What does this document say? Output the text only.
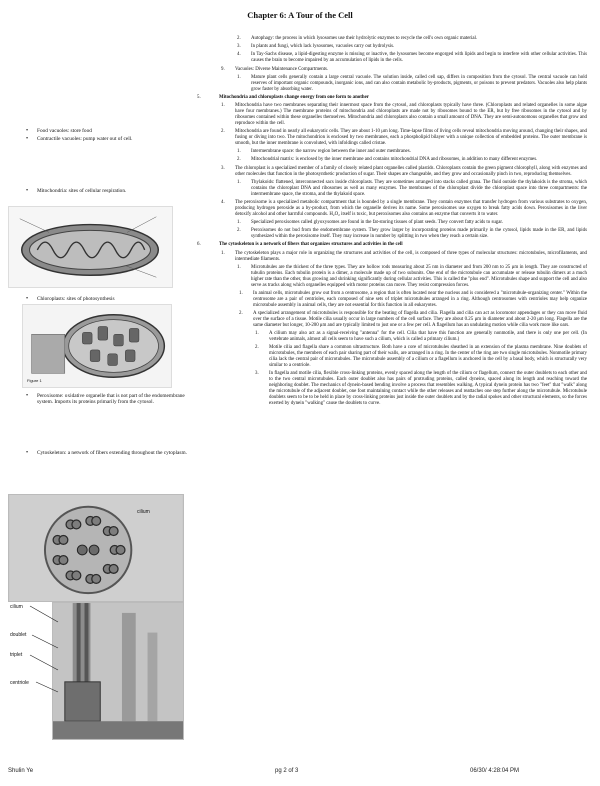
Chapter 6: A Tour of the Cell
• Food vacuoles: store food
• Contractile vacuoles: pump water out of cell.
• Mitochondria: sites of cellular respiration.
• Chloroplasts: sites of photosynthesis
• Peroxisome: oxidative organelle that is not part of the endomembrane system. Imports its proteins primarily from the cytosol.
• Cytoskeleton: a network of fibers extending throughout the cytoplasm.
Figure 1
cilium
cilium
doublet
triplet
centriole
2. Autophagy: the process in which lysosomes use their hydrolytic enzymes to recycle the cell's own organic material.
3. In plants and fungi, which lack lysosomes, vacuoles carry out hydrolysis.
4. In Tay-Sachs disease, a lipid-digesting enzyme is missing or inactive, the lysosomes become engorged with lipids and begin to interfere with other cellular activities. This causes the brain to become impaired by an accumulation of lipids in the cells.
9. Vacuoles: Diverse Maintenance Compartments.
1. Mature plant cells generally contain a large central vacuole. The solution inside, called cell sap, differs in composition from the cytosol. The central vacuole can hold reserves of important organic compounds, inorganic ions, and can also contain metabolic by-products, pigments, or poisons to prevent predators. Vacuoles also help plants grow faster by absorbing water.
5.	Mitochondria and chloroplasts change energy from one form to another
1. Mitochondria have two membranes separating their innermost space from the cytosol, and chloroplasts typically have three. (Chloroplasts and related organelles in some algae have four membranes.) The membrane proteins of mitochondria and chloroplasts are made not by ribosomes bound to the ER, but by free ribosomes in the cytosol and by ribosomes contained within these organelles themselves. Mitochondria and chloroplasts also contain a small amount of DNA. They are semi-autonomous organelles that grow and reproduce within the cell.
2. Mitochondria are found in nearly all eukaryotic cells. They are about 1-10 μm long. Time-lapse films of living cells reveal mitochondria moving around, changing their shapes, and fusing or diving into two. The mitochondrion is enclosed by two membranes, each a phospholipid bilayer with a unique collection of embedded proteins. The outer membrane is smooth, but the inner membrane is convoluted, with infoldings called cristae.
1. Intermembrane space: the narrow region between the inner and outer membranes.
2. Mitochondrial matrix: is enclosed by the inner membrane and contains mitochondrial DNA and ribosomes, in addition to many different enzymes.
3. The chloroplast is a specialized member of a family of closely related plant organelles called plastids. Chloroplasts contain the green pigment chlorophyll, along with enzymes and other molecules that function in the photosynthetic production of sugar. Their shapes are changeable, and they grow and occasionally pinch in two, reproducing themselves.
1. Thylakoids: flattened, interconnected sacs inside chloroplasts. They are sometimes arranged into stacks called grana. The fluid outside the thylakoids is the stroma, which contains the chloroplast DNA and ribosomes as well as many enzymes. The membranes of the chloroplast divide the chloroplast space into three compartments: the intermembrane space, the stroma, and the thylakoid space.
4. The peroxisome is a specialized metabolic compartment that is bounded by a single membrane. They contain enzymes that transfer hydrogen from various substrates to oxygen, producing hydrogen peroxide as a by-product, from which the organelle derives its name. Some peroxisomes use oxygen to break fatty acids down. Peroxisomes in the liver detoxify alcohol and other harmful compounds. H₂O₂ itself is toxic, but peroxisomes also contains an enzyme that converts it to water.
1. Specialized peroxisomes called glyoxysomes are found in the fat-storing tissues of plant seeds. They convert fatty acids to sugar.
2. Peroxisomes do not bud from the endomembrane system. They grow larger by incorporating proteins made primarily in the cytosol, lipids made in the ER, and lipids synthesized within the peroxisome itself. They may increase in number by splitting in two when they reach a certain size.
6.	The cytoskeleton is a network of fibers that organizes structures and activities in the cell
1. The cytoskeleton plays a major role in organizing the structures and activities of the cell, is composed of three types of molecular structures: microtubules, microfilaments, and intermediate filaments.
1. Microtubules are the thickest of the three types. They are hollow rods measuring about 25 nm in diameter and from 200 nm to 25 μm in length. They are constructed of tubulin proteins. Each tubulin protein is a dimer, a molecule made up of two subunits. One end of the microtubule can accumulate or release tubulin dimers at a much higher rate than the other, thus growing and shrinking significantly during cellular activities. This is called the "plus end". Microtubules shape and support the cell and also serve as tracks along which organelles equipped with motor proteins can move. They resist compression forces.
1. In animal cells, microtubules grow out from a centrosome, a region that is often located near the nucleus and is considered a "microtubule-organizing center." Within the centrosome are a pair of centrioles, each composed of nine sets of triplet microtubules arranged in a ring. Although centrosomes with centrioles may help organize microtubule assembly in animal cells, they are not essential for this function in all eukaryotes.
2. A specialized arrangement of microtubules is responsible for the beating of flagella and cilia. Flagella and cilia can act as locomotor appendages or they can move fluid over the surface of a tissue. Motile cilia usually occur in large numbers of the cell surface. They are about 0.25 μm in diameter and about 2-20 μm long. Flagella are the same diameter but longer, 10-200 μm and are typically limited to just one or a few per cell. A flagellum has an undulating motion while cilia work more like oars.
1. A cilium may also act as a signal-receiving "antenna" for the cell. Cilia that have this function are generally nonmotile, and there is only one per cell. (In vertebrate animals, almost all cells seem to have such a cilium, which is called a primary cilium.)
2. Motile cilia and flagella share a common ultrastructure. Both have a core of microtubules sheathed in an extension of the plasma membrane. Nine doublets of microtubules, the members of each pair sharing part of their walls, are arranged in a ring. In the center of the ring are two single microtubules. Nonmotile primary cilia lack the central pair of microtubules. The microtubule assembly of a cilium or a flagellum is anchored in the cell by a basal body, which is structurally very similar to a centriole.
3. In flagella and motile cilia, flexible cross-linking proteins, evenly spaced along the length of the cilium or flagellum, connect the outer doublets to each other and to the two central microtubules. Each outer doublet also has pairs of protruding proteins, called dyneins, spaced along its length and reaching toward the neighboring doublet. The mechanics of dynein-based bending involve a process that resembles walking. A typical dynein protein has two "feet" that "walk" along the microtubule of the adjacent doublet, one foot maintaining contact while the other releases and reattaches one step further along the microtubule. Microtubule doublets seem to be to be held in place by cross-linking proteins just inside the outer doublets and by the radial spokes and other structural elements, so the forces exerted by dynein "walking" cause the doublets to curve.
Shulin Ye	pg 2 of 3	06/30/ 4:28:04 PM
